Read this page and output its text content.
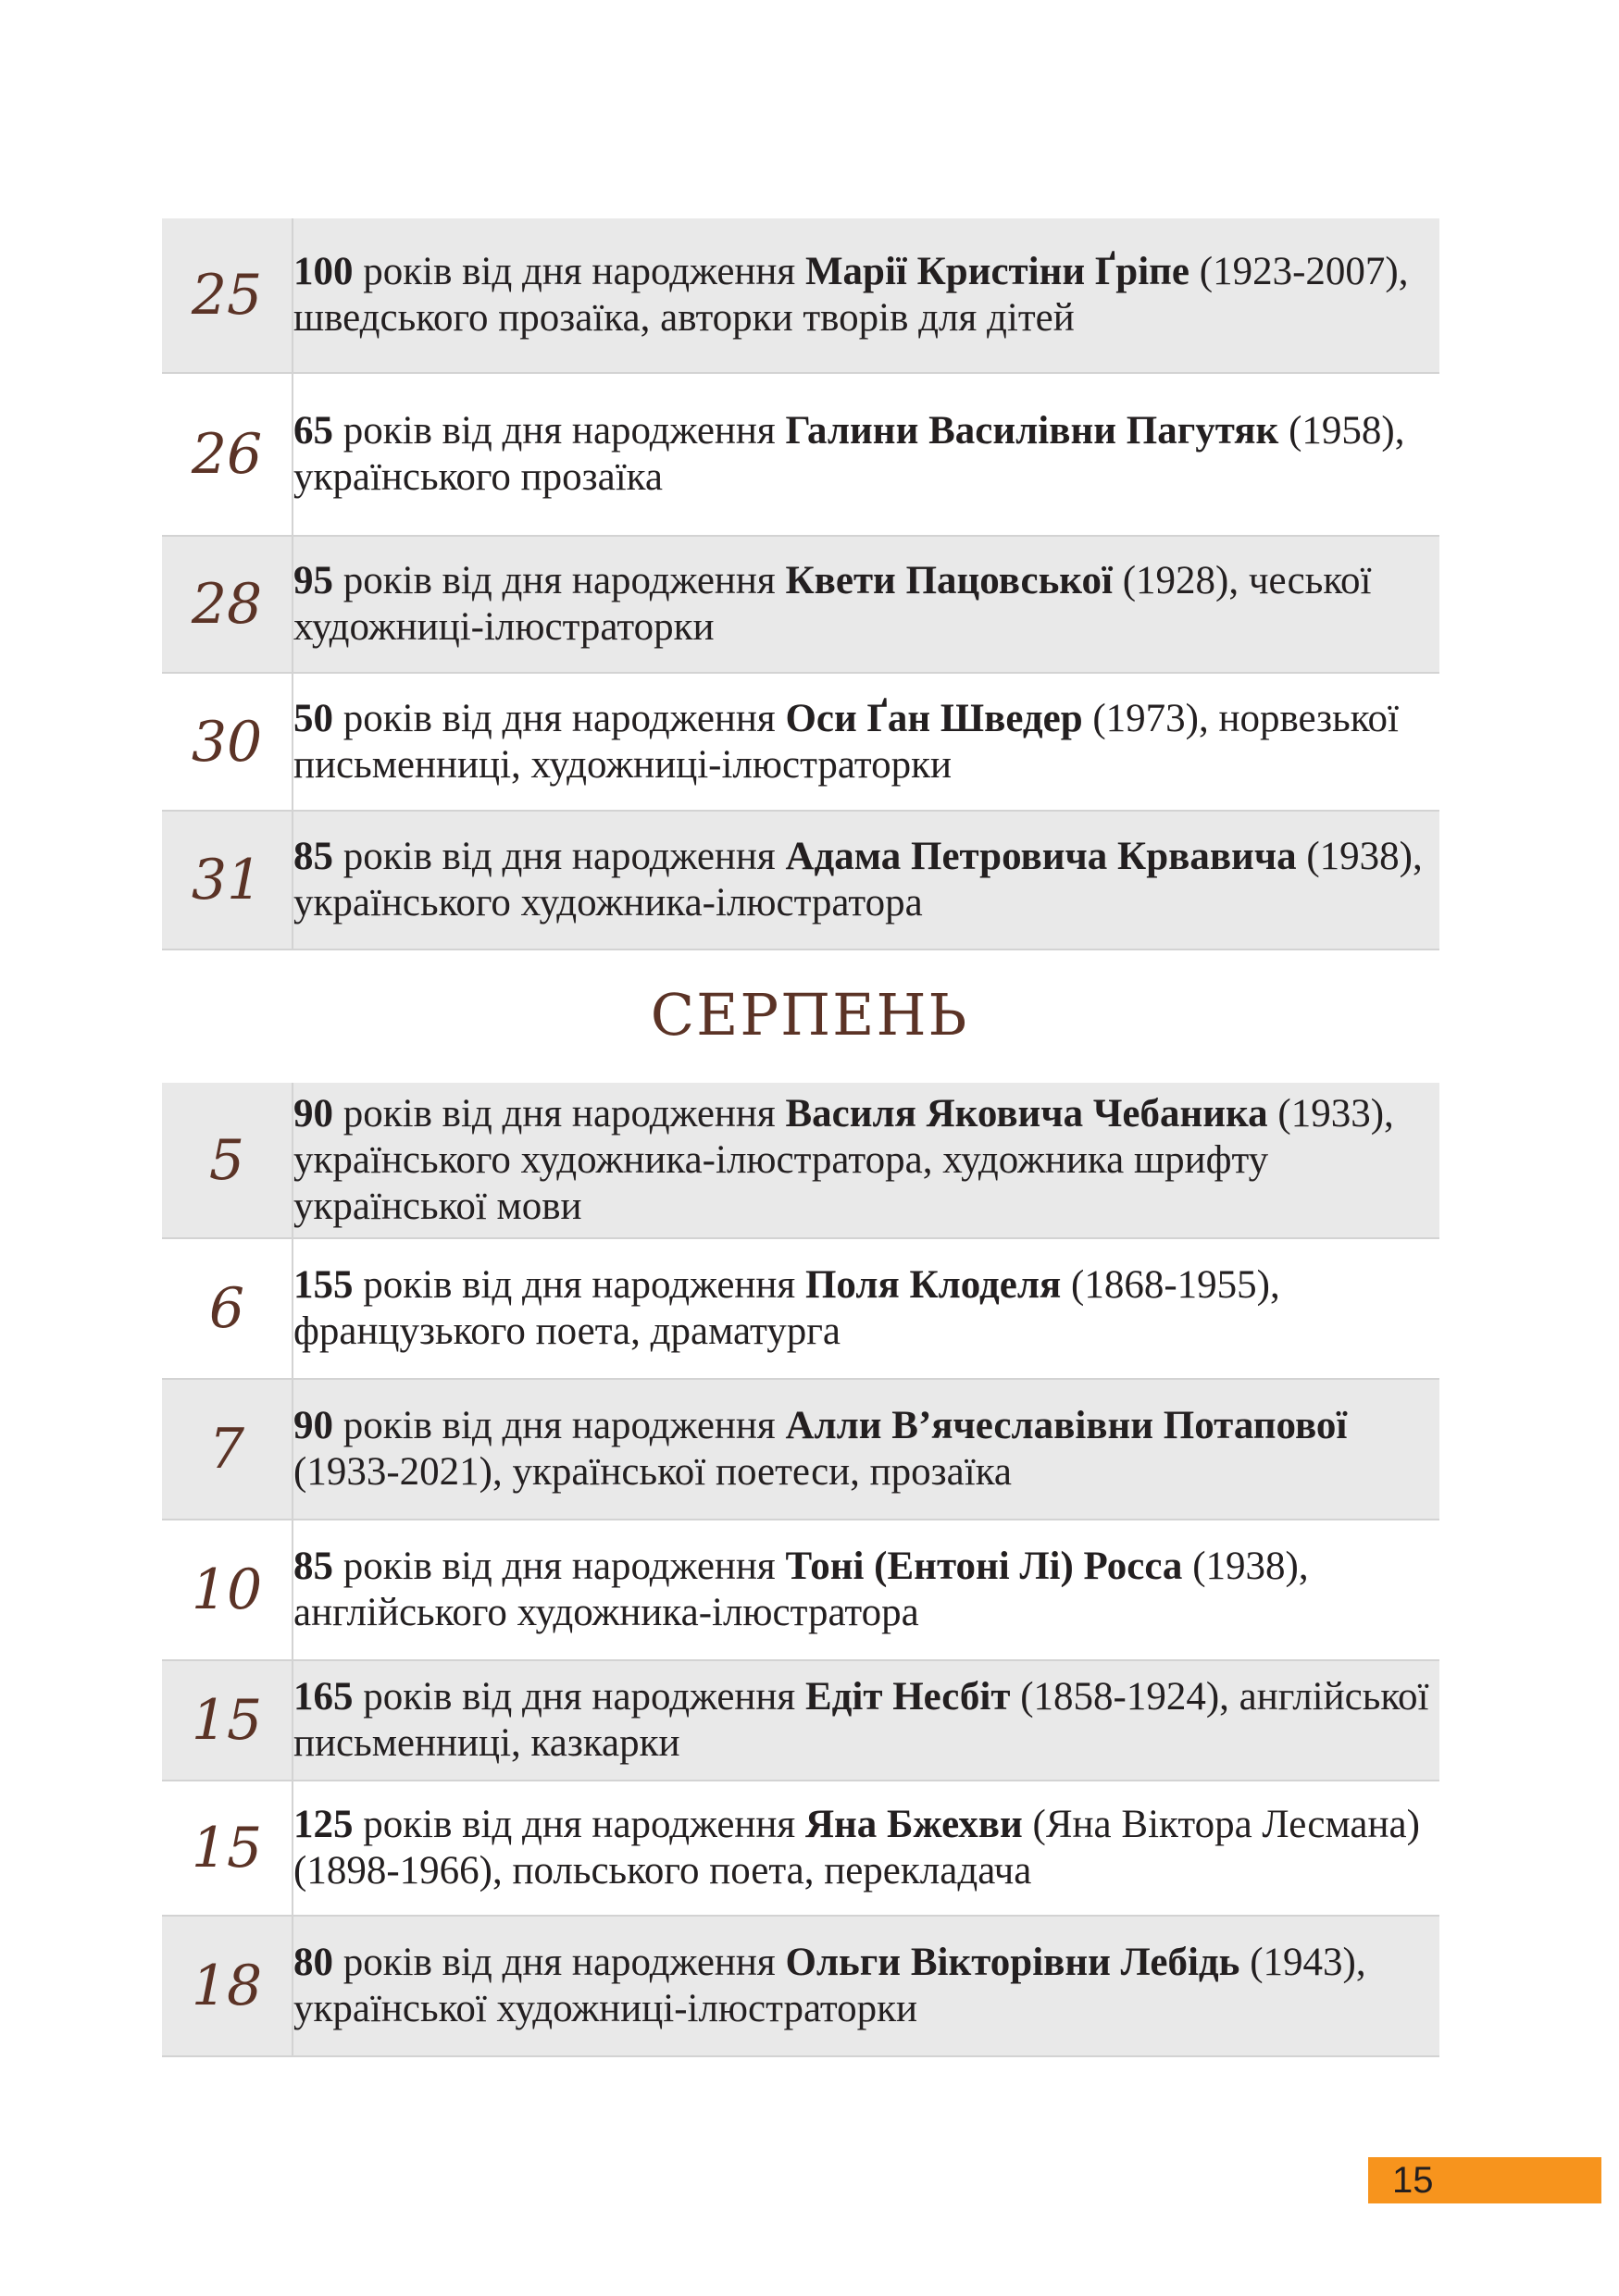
25	100 років від дня народження Марії Кристіни Ґріпе (1923-2007), шведського прозаїка, авторки творів для дітей
26	65 років від дня народження Галини Василівни Пагутяк (1958), українського прозаїка
28	95 років від дня народження Квети Пацовської (1928), чеської художниці-ілюстраторки
30	50 років від дня народження Оси Ґан Шведер (1973), норвезької письменниці, художниці-ілюстраторки
31	85 років від дня народження Адама Петровича Крвавича (1938), українського художника-ілюстратора
СЕРПЕНЬ
5	90 років від дня народження Василя Яковича Чебаника (1933), українського художника-ілюстратора, художника шрифту української мови
6	155 років від дня народження Поля Клоделя (1868-1955), французького поета, драматурга
7	90 років від дня народження Алли В’ячеславівни Потапової (1933-2021), української поетеси, прозаїка
10	85 років від дня народження Тоні (Ентоні Лі) Росса (1938), англійського художника-ілюстратора
15	165 років від дня народження Едіт Несбіт (1858-1924), англійської письменниці, казкарки
15	125 років від дня народження Яна Бжехви (Яна Віктора Лесмана) (1898-1966), польського поета, перекладача
18	80 років від дня народження Ольги Вікторівни Лебідь (1943), української художниці-ілюстраторки
15
